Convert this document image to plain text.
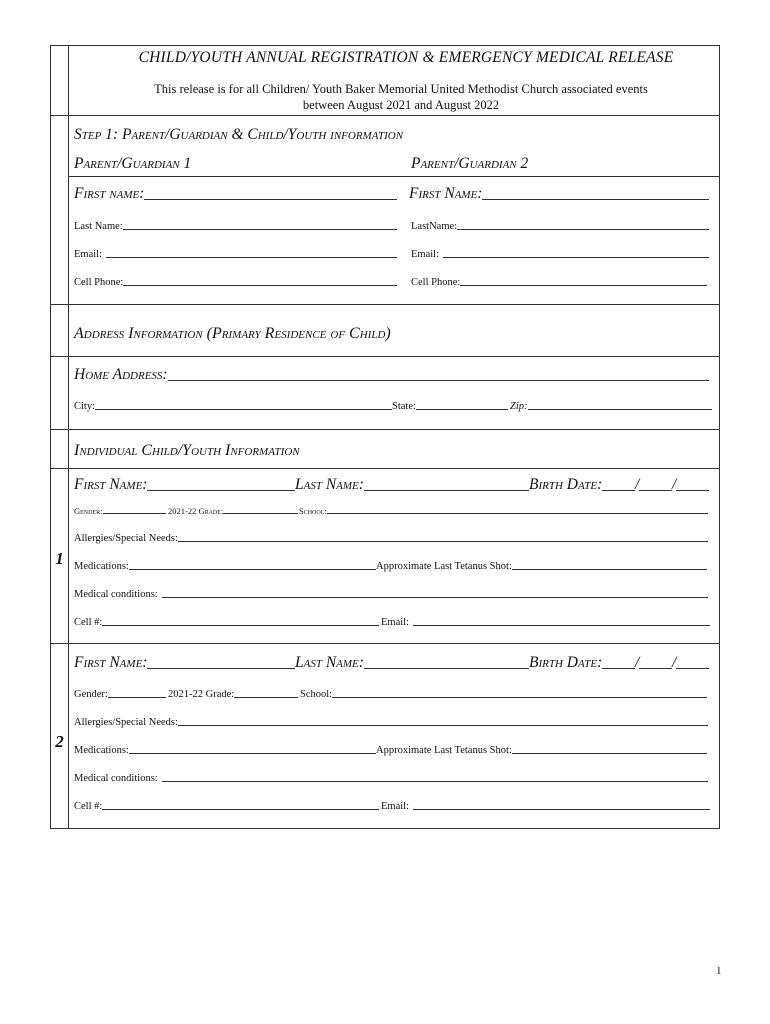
CHILD/YOUTH ANNUAL REGISTRATION & EMERGENCY MEDICAL RELEASE
This release is for all Children/ Youth Baker Memorial United Methodist Church associated events
between August 2021 and August 2022
Step 1: Parent/Guardian & Child/Youth information
Parent/Guardian 1	Parent/Guardian 2
First name:	First Name:
Last Name:	LastName:
Email:	Email:
Cell Phone:	Cell Phone:
Address Information (Primary Residence of Child)
Home Address:
City:	State:	Zip:
Individual Child/Youth Information
1
First Name:	Last Name:	Birth Date: / /
Gender:	2021-22 Grade:	School:
Allergies/Special Needs:
Medications:	Approximate Last Tetanus Shot:
Medical conditions:
Cell #:	Email:
2
First Name:	Last Name:	Birth Date: / /
Gender:	2021-22 Grade:	School:
Allergies/Special Needs:
Medications:	Approximate Last Tetanus Shot:
Medical conditions:
Cell #:	Email:
1
